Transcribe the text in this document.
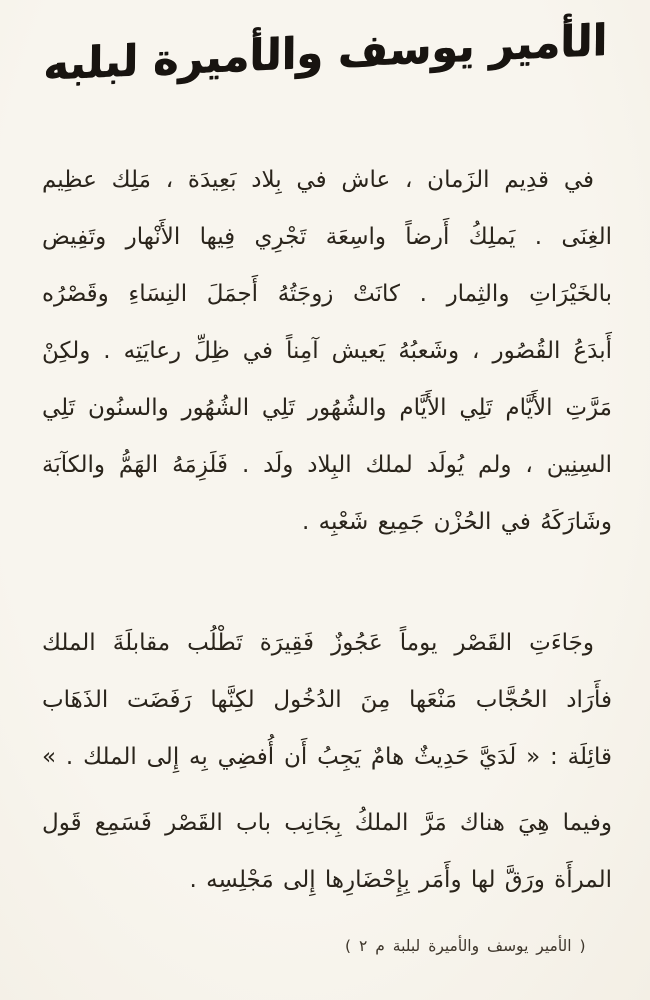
الأمير يوسف والأميرة لبلبه
في قدِيم الزَمان ، عاش في بِلاد بَعِيدَة ، مَلِك عظِيم
الغِنَى . يَملِكُ أَرضاً واسِعَة تَجْرِي فِيها الأَنْهار وتَفِيض
بالخَيْرَاتِ والثِمار . كانَتْ زوجَتُهُ أَجمَلَ النِسَاءِ وقَصْرُه
أَبدَعُ القُصُور ، وشَعبُهُ يَعيش آمِناً في ظِلِّ رعايَتِه . ولكِنْ
مَرَّتِ الأَيَّام تَلِي الأَيَّام والشُهُور تَلِي الشُهُور والسنُون تَلِي
السِنِين ، ولم يُولَد لملك البِلاد ولَد . فَلَزِمَهُ الهَمُّ والكآبَة
وشَارَكَهُ في الحُزْن جَمِيع شَعْبِه .
وجَاءَتِ القَصْر يوماً عَجُوزٌ فَقِيرَة تَطْلُب مقابلَةَ الملك
فأَرَاد الحُجَّاب مَنْعَها مِنَ الدُخُول لكِنَّها رَفَضَت الذَهَاب
قائِلَة : « لَدَيَّ حَدِيثٌ هامٌ يَجِبُ أَن أُفضِي بِه إِلى الملك . »
وفيما هِيَ هناك مَرَّ الملكُ بِجَانِب باب القَصْر فَسَمِع قَول
المرأَة ورَقَّ لها وأَمَر بِإِحْضَارِها إِلى مَجْلِسِه .
( الأمير يوسف والأميرة لبلبة م ٢ )
